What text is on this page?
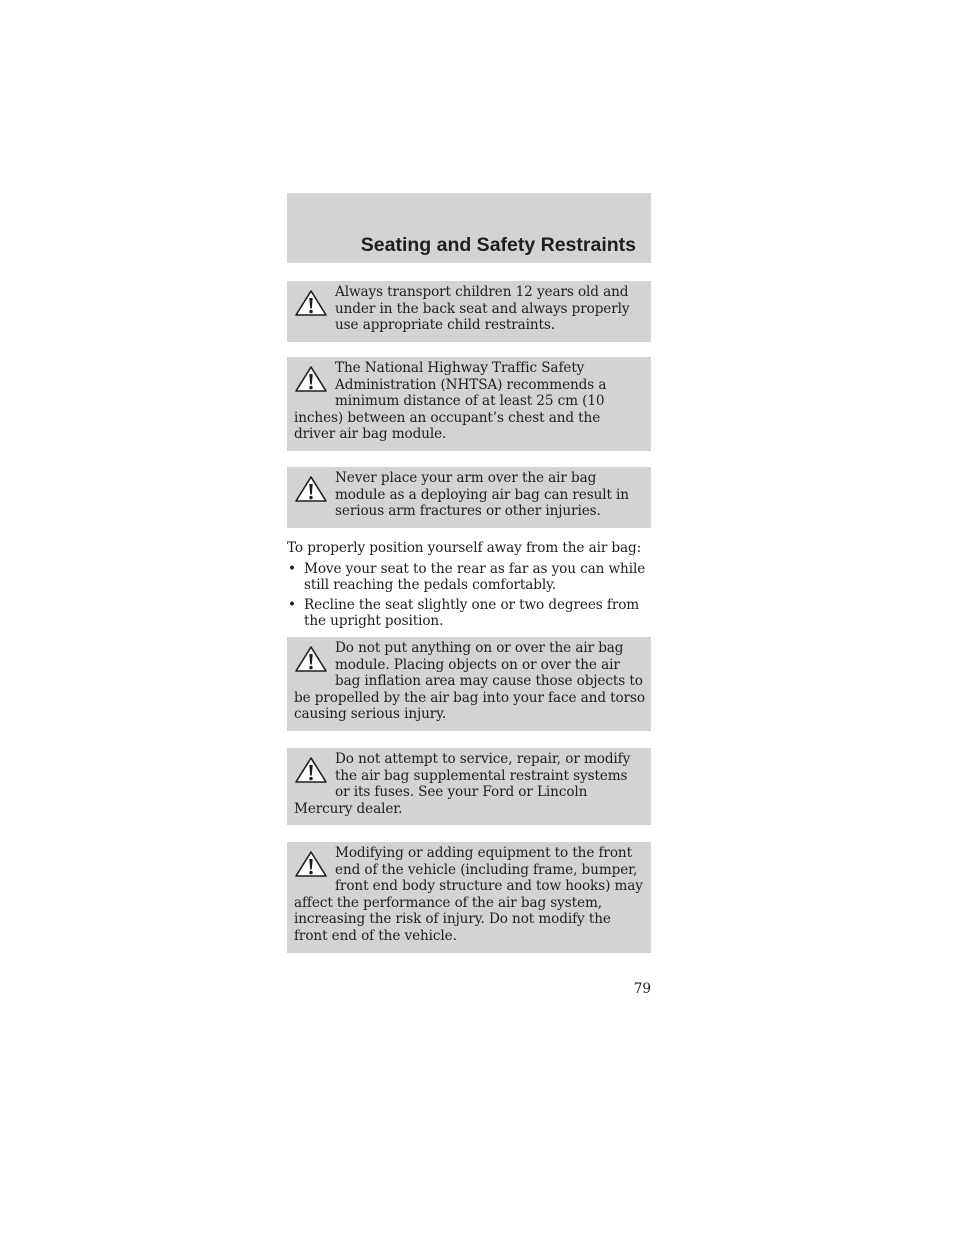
Seating and Safety Restraints

Always transport children 12 years old and under in the back seat and always properly use appropriate child restraints.

The National Highway Traffic Safety Administration (NHTSA) recommends a minimum distance of at least 25 cm (10 inches) between an occupant’s chest and the driver air bag module.

Never place your arm over the air bag module as a deploying air bag can result in serious arm fractures or other injuries.

To properly position yourself away from the air bag:
• Move your seat to the rear as far as you can while still reaching the pedals comfortably.
• Recline the seat slightly one or two degrees from the upright position.

Do not put anything on or over the air bag module. Placing objects on or over the air bag inflation area may cause those objects to be propelled by the air bag into your face and torso causing serious injury.

Do not attempt to service, repair, or modify the air bag supplemental restraint systems or its fuses. See your Ford or Lincoln Mercury dealer.

Modifying or adding equipment to the front end of the vehicle (including frame, bumper, front end body structure and tow hooks) may affect the performance of the air bag system, increasing the risk of injury. Do not modify the front end of the vehicle.

79
